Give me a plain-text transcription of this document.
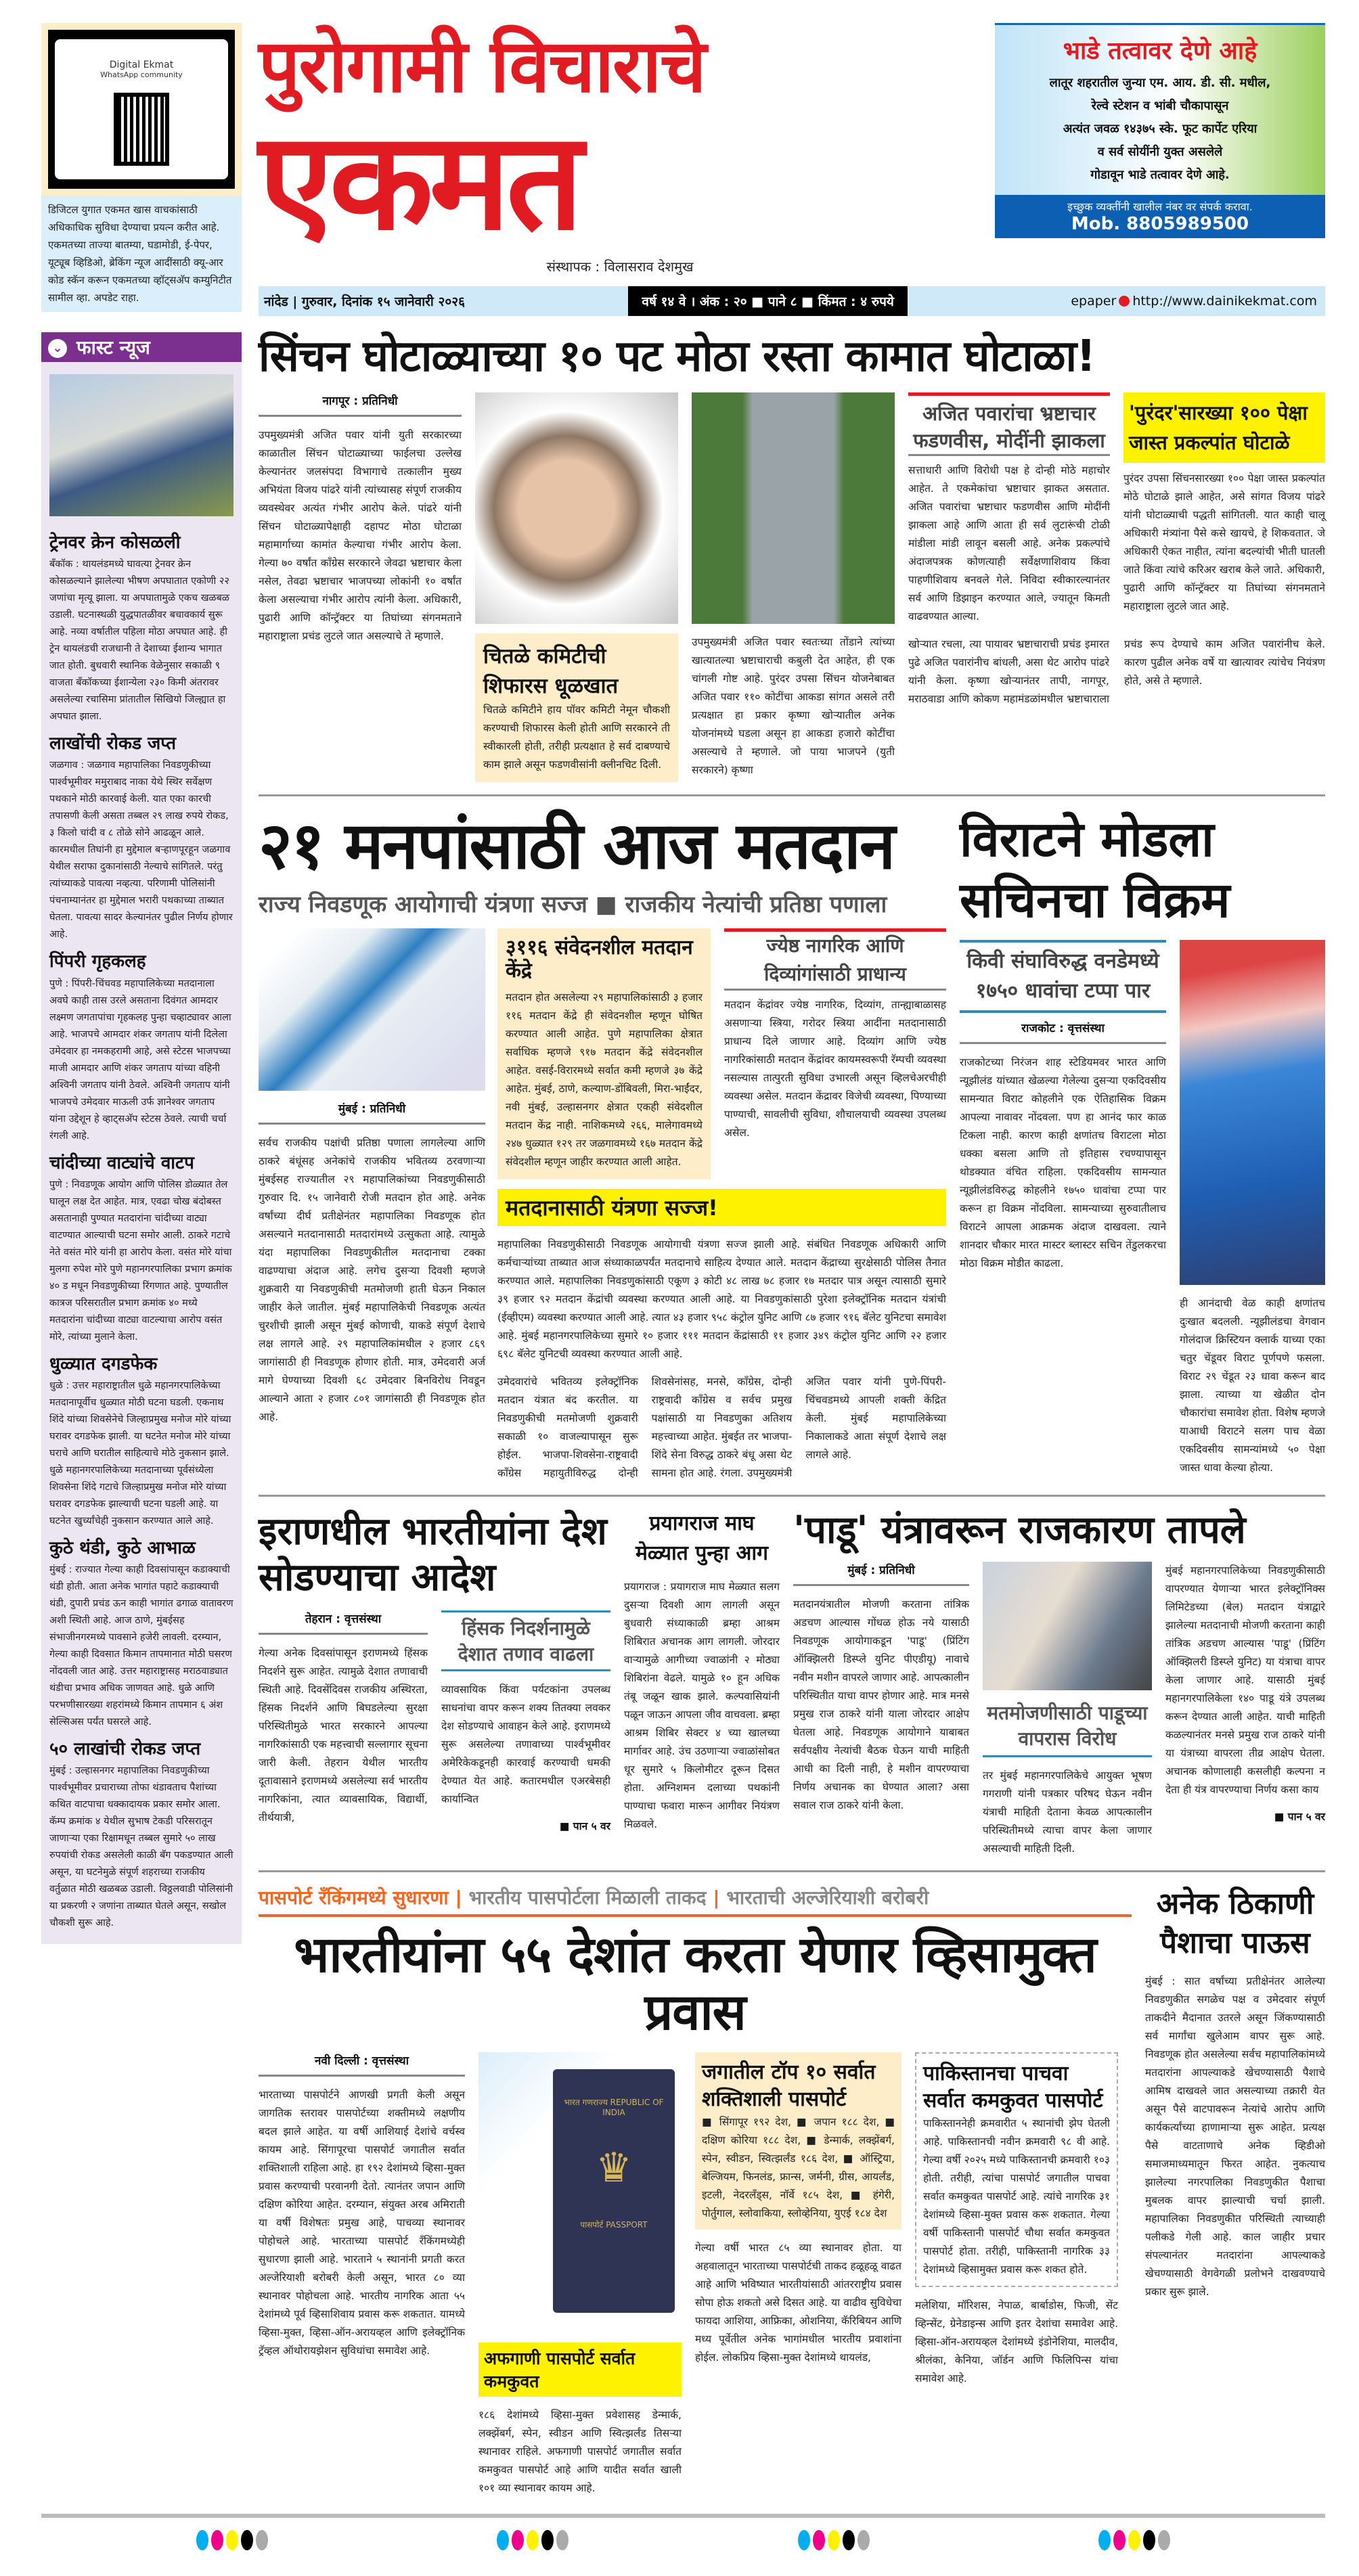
Digital Ekmat
WhatsApp community
डिजिटल युगात एकमत खास वाचकांसाठी अधिकाधिक सुविधा देण्याचा प्रयत्न करीत आहे. एकमतच्या ताज्या बातम्या, घडामोडी, ई-पेपर, यूट्यूब व्हिडिओ, ब्रेकिंग न्यूज आदींसाठी क्यू-आर कोड स्कॅन करून एकमतच्या व्हॉट्सअ‍ॅप कम्युनिटीत सामील व्हा. अपडेट राहा.
⌄ फास्ट न्यूज
ट्रेनवर क्रेन कोसळली
बँकॉक : थायलंडमध्ये घावत्या ट्रेनवर क्रेन कोसळल्याने झालेल्या भीषण अपघातात एकोणी २२ जणांचा मृत्यू झाला. या अपघातामुळे एकच खळबळ उडाली. घटनास्थळी युद्धपातळीवर बचावकार्य सुरू आहे. नव्या वर्षातील पहिला मोठा अपघात आहे. ही ट्रेन थायलंडची राजधानी ते देशाच्या ईशान्य भागात जात होती. बुधवारी स्थानिक वेळेनुसार सकाळी ९ वाजता बँकॉकच्या ईशान्येला २३० किमी अंतरावर असलेल्या रचासिमा प्रांतातील सिखियो जिल्ह्यात हा अपघात झाला.
लाखोंची रोकड जप्त
जळगाव : जळगाव महापालिका निवडणुकीच्या पार्श्वभूमीवर ममुराबाद नाका येथे स्थिर सर्वेक्षण पथकाने मोठी कारवाई केली. यात एका कारची तपासणी केली असता तब्बल २९ लाख रुपये रोकड, ३ किलो चांदी व ८ तोळे सोने आढळून आले. कारमधील तिघांनी हा मुद्देमाल बऱ्हाणपूरहून जळगाव येथील सराफा दुकानांसाठी नेल्याचे सांगितले. परंतु त्यांच्याकडे पावत्या नव्हत्या. परिणामी पोलिसांनी पंचनाम्यानंतर हा मुद्देमाल भरारी पथकाच्या ताब्यात घेतला. पावत्या सादर केल्यानंतर पुढील निर्णय होणार आहे.
पिंपरी गृहकलह
पुणे : पिंपरी-चिंचवड महापालिकेच्या मतदानाला अवघे काही तास उरले असताना दिवंगत आमदार लक्ष्मण जगतापांचा गृहकलह पुन्हा चव्हाट्यावर आला आहे. भाजपचे आमदार शंकर जगताप यांनी दिलेला उमेदवार हा नमकहरामी आहे, असे स्टेटस भाजपच्या माजी आमदार आणि शंकर जगताप यांच्या वहिनी अश्विनी जगताप यांनी ठेवले. अश्विनी जगताप यांनी भाजपचे उमेदवार माऊली उर्फ ज्ञानेश्वर जगताप यांना उद्देशून हे व्हाट्सअ‍ॅप स्टेटस ठेवले. त्याची चर्चा रंगली आहे.
चांदीच्या वाट्यांचे वाटप
पुणे : निवडणूक आयोग आणि पोलिस डोळ्यात तेल घालून लक्ष देत आहेत. मात्र, एवढा चोख बंदोबस्त असतानाही पुण्यात मतदारांना चांदीच्या वाट्या वाटण्यात आल्याची घटना समोर आली. ठाकरे गटाचे नेते वसंत मोरे यांनी हा आरोप केला. वसंत मोरे यांचा मुलगा रुपेश मोरे पुणे महानगरपालिका प्रभाग क्रमांक ४० ड मधून निवडणुकीच्या रिंगणात आहे. पुण्यातील कात्रज परिसरातील प्रभाग क्रमांक ४० मध्ये मतदारांना चांदीच्या वाट्या वाटल्याचा आरोप वसंत मोरे, त्यांच्या मुलाने केला.
धुळ्यात दगडफेक
धुळे : उत्तर महाराष्ट्रातील धुळे महानगरपालिकेच्या मतदानापूर्वीच धुळ्यात मोठी घटना घडली. एकनाथ शिंदे यांच्या शिवसेनेचे जिल्हाप्रमुख मनोज मोरे यांच्या घरावर दगडफेक झाली. या घटनेत मनोज मोरे यांच्या घराचे आणि घरातील साहित्याचे मोठे नुकसान झाले. धुळे महानगरपालिकेच्या मतदानाच्या पूर्वसंध्येला शिवसेना शिंदे गटाचे जिल्हाप्रमुख मनोज मोरे यांच्या घरावर दगडफेक झाल्याची घटना घडली आहे. या घटनेत खुर्च्यांचेही नुकसान करण्यात आले आहे.
कुठे थंडी, कुठे आभाळ
मुंबई : राज्यात गेल्या काही दिवसांपासून कडाक्याची थंडी होती. आता अनेक भागांत पहाटे कडाक्याची थंडी, दुपारी प्रचंड ऊन काही भागांत ढगाळ वातावरण अशी स्थिती आहे. आज ठाणे, मुंबईसह संभाजीनगरमध्ये पावसाने हजेरी लावली. दरम्यान, गेल्या काही दिवसात किमान तापमानात मोठी घसरण नोंदवली जात आहे. उत्तर महाराष्ट्रासह मराठवाड्यात थंडीचा प्रभाव अधिक जाणवत आहे. धुळे आणि परभणीसारख्या शहरांमध्ये किमान तापमान ६ अंश सेल्सिअस पर्यंत घसरले आहे.
५० लाखांची रोकड जप्त
मुंबई : उल्हासनगर महापालिका निवडणुकीच्या पार्श्वभूमीवर प्रचाराच्या तोफा थंडावताच पैशांच्या कथित वाटपाचा धक्कादायक प्रकार समोर आला. कॅम्प क्रमांक ४ येथील सुभाष टेकडी परिसरातून जाणाऱ्या एका रिक्षामधून तब्बल सुमारे ५० लाख रुपयांची रोकड असलेली काळी बॅग पकडण्यात आली असून, या घटनेमुळे संपूर्ण शहराच्या राजकीय वर्तुळात मोठी खळबळ उडाली. विठ्ठलवाडी पोलिसांनी या प्रकरणी २ जणांना ताब्यात घेतले असून, सखोल चौकशी सुरू आहे.
पुरोगामी विचाराचे
एकमत
संस्थापक : विलासराव देशमुख
भाडे तत्वावर देणे आहे
लातूर शहरातील जुन्या एम. आय. डी. सी. मधील,
रेल्वे स्टेशन व भांबी चौकापासून
अत्यंत जवळ १४३७५ स्के. फूट कार्पेट एरिया
व सर्व सोयींनी युक्त असलेले
गोडावून भाडे तत्वावर देणे आहे.
इच्छुक व्यक्तींनी खालील नंबर वर संपर्क करावा.
Mob. 8805989500
नांदेड | गुरुवार, दिनांक १५ जानेवारी २०२६	वर्ष १४ वे । अंक : २० ■ पाने ८ ■ किंमत : ४ रुपये	epaper http://www.dainikekmat.com
सिंचन घोटाळ्याच्या १० पट मोठा रस्ता कामात घोटाळा!
नागपूर : प्रतिनिधी
उपमुख्यमंत्री अजित पवार यांनी युती सरकारच्या काळातील सिंचन घोटाळ्याच्या फाईलचा उल्लेख केल्यानंतर जलसंपदा विभागाचे तत्कालीन मुख्य अभियंता विजय पांढरे यांनी त्यांच्यासह संपूर्ण राजकीय व्यवस्थेवर अत्यंत गंभीर आरोप केले. पांढरे यांनी सिंचन घोटाळ्यापेक्षाही दहापट मोठा घोटाळा महामार्गाच्या कामांत केल्याचा गंभीर आरोप केला. गेल्या ७० वर्षांत काँग्रेस सरकारने जेवढा भ्रष्टाचार केला नसेल, तेवढा भ्रष्टाचार भाजपच्या लोकांनी १० वर्षांत केला असल्याचा गंभीर आरोप त्यांनी केला. अधिकारी, पुढारी आणि कॉन्ट्रॅक्टर या तिघांच्या संगनमताने महाराष्ट्राला प्रचंड लुटले जात असल्याचे ते म्हणाले.
चितळे कमिटीची शिफारस धूळखात
चितळे कमिटीने हाय पॉवर कमिटी नेमून चौकशी करण्याची शिफारस केली होती आणि सरकारने ती स्वीकारली होती, तरीही प्रत्यक्षात हे सर्व दाबण्याचे काम झाले असून फडणवीसांनी क्लीनचिट दिली.
उपमुख्यमंत्री अजित पवार स्वतःच्या तोंडाने त्यांच्या खात्यातल्या भ्रष्टाचाराची कबुली देत आहेत, ही एक चांगली गोष्ट आहे. पुरंदर उपसा सिंचन योजनेबाबत अजित पवार ११० कोटींचा आकडा सांगत असले तरी प्रत्यक्षात हा प्रकार कृष्णा खोऱ्यातील अनेक योजनांमध्ये घडला असून हा आकडा हजारो कोटींचा असल्याचे ते म्हणाले. जो पाया भाजपने (युती सरकारने) कृष्णा
अजित पवारांचा भ्रष्टाचार फडणवीस, मोदींनी झाकला
सत्ताधारी आणि विरोधी पक्ष हे दोन्ही मोठे महाचोर आहेत. ते एकमेकांचा भ्रष्टाचार झाकत असतात. अजित पवारांचा भ्रष्टाचार फडणवीस आणि मोदींनी झाकला आहे आणि आता ही सर्व लुटारूंची टोळी मांडीला मांडी लावून बसली आहे. अनेक प्रकल्पांचे अंदाजपत्रक कोणत्याही सर्वेक्षणाशिवाय किंवा पाहणीशिवाय बनवले गेले. निविदा स्वीकारल्यानंतर सर्व आणि डिझाइन करण्यात आले, ज्यातून किमती वाढवण्यात आल्या.
'पुरंदर'सारख्या १०० पेक्षा जास्त प्रकल्पांत घोटाळे
पुरंदर उपसा सिंचनसारख्या १०० पेक्षा जास्त प्रकल्पांत मोठे घोटाळे झाले आहेत, असे सांगत विजय पांढरे यांनी घोटाळ्याची पद्धती सांगितली. यात काही चालू अधिकारी मंत्र्यांना पैसे कसे खायचे, हे शिकवतात. जे अधिकारी ऐकत नाहीत, त्यांना बदल्यांची भीती घातली जाते किंवा त्यांचे करिअर खराब केले जाते. अधिकारी, पुढारी आणि कॉन्ट्रॅक्टर या तिघांच्या संगनमताने महाराष्ट्राला लुटले जात आहे.
खोऱ्यात रचला, त्या पायावर भ्रष्टाचाराची प्रचंड इमारत पुढे अजित पवारांनीच बांधली, असा थेट आरोप पांढरे यांनी केला. कृष्णा खोऱ्यानंतर तापी, नागपूर, मराठवाडा आणि कोकण महामंडळांमधील भ्रष्टाचाराला प्रचंड रूप देण्याचे काम अजित पवारांनीच केले. कारण पुढील अनेक वर्षे या खात्यावर त्यांचेच नियंत्रण होते, असे ते म्हणाले.
२१ मनपांसाठी आज मतदान
राज्य निवडणूक आयोगाची यंत्रणा सज्ज ■ राजकीय नेत्यांची प्रतिष्ठा पणाला
मुंबई : प्रतिनिधी
सर्वच राजकीय पक्षांची प्रतिष्ठा पणाला लागलेल्या आणि ठाकरे बंधूंसह अनेकांचे राजकीय भवितव्य ठरवणाऱ्या मुंबईसह राज्यातील २९ महापालिकांच्या निवडणुकीसाठी गुरुवार दि. १५ जानेवारी रोजी मतदान होत आहे. अनेक वर्षांच्या दीर्घ प्रतीक्षेनंतर महापालिका निवडणूक होत असल्याने मतदानासाठी मतदारांमध्ये उत्सुकता आहे. त्यामुळे यंदा महापालिका निवडणुकीतील मतदानाचा टक्का वाढण्याचा अंदाज आहे. लगेच दुसऱ्या दिवशी म्हणजे शुक्रवारी या निवडणुकीची मतमोजणी हाती घेऊन निकाल जाहीर केले जातील. मुंबई महापालिकेची निवडणूक अत्यंत चुरशीची झाली असून मुंबई कोणाची, याकडे संपूर्ण देशाचे लक्ष लागले आहे. २९ महापालिकांमधील २ हजार ८६९ जागांसाठी ही निवडणूक होणार होती. मात्र, उमेदवारी अर्ज मागे घेण्याच्या दिवशी ६८ उमेदवार बिनविरोध निवडून आल्याने आता २ हजार ८०१ जागांसाठी ही निवडणूक होत आहे.
३११६ संवेदनशील मतदान केंद्रे
मतदान होत असलेल्या २९ महापालिकांसाठी ३ हजार ११६ मतदान केंद्रे ही संवेदनशील म्हणून घोषित करण्यात आली आहेत. पुणे महापालिका क्षेत्रात सर्वाधिक म्हणजे ९१७ मतदान केंद्रे संवेदनशील आहेत. वसई-विरारमध्ये सर्वात कमी म्हणजे ३७ केंद्रे आहेत. मुंबई, ठाणे, कल्याण-डोंबिवली, मिरा-भाईंदर, नवी मुंबई, उल्हासनगर क्षेत्रात एकही संवेदशील मतदान केंद्र नाही. नाशिकमध्ये २६६, मालेगावमध्ये २४७ धुळ्यात १२९ तर जळगावमध्ये १६७ मतदान केंद्रे संवेदशील म्हणून जाहीर करण्यात आली आहेत.
ज्येष्ठ नागरिक आणि दिव्यांगांसाठी प्राधान्य
मतदान केंद्रांवर ज्येष्ठ नागरिक, दिव्यांग, तान्ह्याबाळासह असणाऱ्या स्त्रिया, गरोदर स्त्रिया आदींना मतदानासाठी प्राधान्य दिले जाणार आहे. दिव्यांग आणि ज्येष्ठ नागरिकांसाठी मतदान केंद्रांवर कायमस्वरूपी रॅम्पची व्यवस्था नसल्यास तात्पुरती सुविधा उभारली असून व्हिलचेअरचीही व्यवस्था असेल. मतदान केंद्रावर विजेची व्यवस्था, पिण्याच्या पाण्याची, सावलीची सुविधा, शौचालयाची व्यवस्था उपलब्ध असेल.
मतदानासाठी यंत्रणा सज्ज!
महापालिका निवडणुकीसाठी निवडणूक आयोगाची यंत्रणा सज्ज झाली आहे. संबंधित निवडणूक अधिकारी आणि कर्मचाऱ्यांच्या ताब्यात आज संध्याकाळपर्यंत मतदानाचे साहित्य देण्यात आले. मतदान केंद्राच्या सुरक्षेसाठी पोलिस तैनात करण्यात आले. महापालिका निवडणुकांसाठी एकूण ३ कोटी ४८ लाख ७८ हजार १७ मतदार पात्र असून त्यासाठी सुमारे ३९ हजार ९२ मतदान केंद्रांची व्यवस्था करण्यात आली आहे. या निवडणुकांसाठी पुरेशा इलेक्ट्रॉनिक मतदान यंत्रांची (ईव्हीएम) व्यवस्था करण्यात आली आहे. त्यात ४३ हजार ९५८ कंट्रोल युनिट आणि ८७ हजार ९१६ बॅलेट युनिटचा समावेश आहे. मुंबई महानगरपालिकेच्या सुमारे १० हजार १११ मतदान केंद्रांसाठी ११ हजार ३४९ कंट्रोल युनिट आणि २२ हजार ६९८ बॅलेट युनिटची व्यवस्था करण्यात आली आहे.
उमेदवारांचे भवितव्य इलेक्ट्रॉनिक मतदान यंत्रात बंद करतील. या निवडणुकीची मतमोजणी शुक्रवारी सकाळी १० वाजल्यापासून सुरू होईल. भाजपा-शिवसेना-राष्ट्रवादी काँग्रेस महायुतीविरुद्ध दोन्ही शिवसेनांसह, मनसे, काँग्रेस, दोन्ही राष्ट्रवादी काँग्रेस व सर्वच प्रमुख पक्षांसाठी या निवडणुका अतिशय महत्त्वाच्या आहेत. मुंबईत तर भाजपा-शिंदे सेना विरुद्ध ठाकरे बंधू असा थेट सामना होत आहे. रंगला. उपमुख्यमंत्री अजित पवार यांनी पुणे-पिंपरी-चिंचवडमध्ये आपली शक्ती केंद्रित केली. मुंबई महापालिकेच्या निकालाकडे आता संपूर्ण देशाचे लक्ष लागले आहे.
विराटने मोडला
सचिनचा विक्रम
किवी संघाविरुद्ध वनडेमध्ये १७५० धावांचा टप्पा पार
राजकोट : वृत्तसंस्था
राजकोटच्या निरंजन शाह स्टेडियमवर भारत आणि न्यूझीलंड यांच्यात खेळल्या गेलेल्या दुसऱ्या एकदिवसीय सामन्यात विराट कोहलीने एक ऐतिहासिक विक्रम आपल्या नावावर नोंदवला. पण हा आनंद फार काळ टिकला नाही. कारण काही क्षणांतच विराटला मोठा धक्का बसला आणि तो इतिहास रचण्यापासून थोडक्यात वंचित राहिला. एकदिवसीय सामन्यात न्यूझीलंडविरुद्ध कोहलीने १७५० धावांचा टप्पा पार करून हा विक्रम नोंदविला. सामन्याच्या सुरुवातीलाच विराटने आपला आक्रमक अंदाज दाखवला. त्याने शानदार चौकार मारत मास्टर ब्लास्टर सचिन तेंडुलकरचा मोठा विक्रम मोडीत काढला.
ही आनंदाची वेळ काही क्षणांतच दुःखात बदलली. न्यूझीलंडचा वेगवान गोलंदाज क्रिस्टियन क्लार्क याच्या एका चतुर चेंडूवर विराट पूर्णपणे फसला. विराट २९ चेंडूत २३ धावा करून बाद झाला. त्याच्या या खेळीत दोन चौकारांचा समावेश होता. विशेष म्हणजे याआधी विराटने सलग पाच वेळा एकदिवसीय सामन्यांमध्ये ५० पेक्षा जास्त धावा केल्या होत्या.
इराणधील भारतीयांना देश सोडण्याचा आदेश
तेहरान : वृत्तसंस्था
गेल्या अनेक दिवसांपासून इराणमध्ये हिंसक निदर्शने सुरू आहेत. त्यामुळे देशात तणावाची स्थिती आहे. दिवसेंदिवस राजकीय अस्थिरता, हिंसक निदर्शने आणि बिघडलेल्या सुरक्षा परिस्थितीमुळे भारत सरकारने आपल्या नागरिकांसाठी एक महत्त्वाची सल्लागार सूचना जारी केली. तेहरान येथील भारतीय दूतावासाने इराणमध्ये असलेल्या सर्व भारतीय नागरिकांना, त्यात व्यावसायिक, विद्यार्थी, तीर्थयात्री,
हिंसक निदर्शनामुळे देशात तणाव वाढला
व्यावसायिक किंवा पर्यटकांना उपलब्ध साधनांचा वापर करून शक्य तितक्या लवकर देश सोडण्याचे आवाहन केले आहे. इराणमध्ये सुरू असलेल्या तणावाच्या पार्श्वभूमीवर अमेरिकेकडूनही कारवाई करण्याची धमकी देण्यात येत आहे. कतारमधील एअरबेसही कार्यान्वित
■ पान ५ वर
प्रयागराज माघ मेळ्यात पुन्हा आग
प्रयागराज : प्रयागराज माघ मेळ्यात सलग दुसऱ्या दिवशी आग लागली असून बुधवारी संध्याकाळी ब्रम्हा आश्रम शिबिरात अचानक आग लागली. जोरदार वाऱ्यामुळे आगीच्या ज्वाळांनी २ मोठ्या शिबिरांना वेढले. यामुळे १० हून अधिक तंबू जळून खाक झाले. कल्पवासियांनी पळून जाऊन आपला जीव वाचवला. ब्रम्हा आश्रम शिबिर सेक्टर ४ च्या खालच्या मार्गावर आहे. उंच उठणाऱ्या ज्वाळांसोबत धूर सुमारे ५ किलोमीटर दूरून दिसत होता. अग्निशमन दलाच्या पथकांनी पाण्याचा फवारा मारून आगीवर नियंत्रण मिळवले.
'पाडू' यंत्रावरून राजकारण तापले
मुंबई : प्रतिनिधी
मतदानयंत्रातील मोजणी करताना तांत्रिक अडचण आल्यास गोंधळ होऊ नये यासाठी निवडणूक आयोगाकडून 'पाडू' (प्रिंटिंग ऑक्झिलरी डिस्प्ले युनिट पीएडीयू) नावाचे नवीन मशीन वापरले जाणार आहे. आपत्कालीन परिस्थितीत याचा वापर होणार आहे. मात्र मनसे प्रमुख राज ठाकरे यांनी याला जोरदार आक्षेप घेतला आहे. निवडणूक आयोगाने याबाबत सर्वपक्षीय नेत्यांची बैठक घेऊन याची माहिती आधी का दिली नाही, हे मशीन वापरण्याचा निर्णय अचानक का घेण्यात आला? असा सवाल राज ठाकरे यांनी केला.
मतमोजणीसाठी पाडूच्या वापरास विरोध
तर मुंबई महानगरपालिकेचे आयुक्त भूषण गगराणी यांनी पत्रकार परिषद घेऊन नवीन यंत्राची माहिती देताना केवळ आपत्कालीन परिस्थितीमध्ये त्याचा वापर केला जाणार असल्याची माहिती दिली.
मुंबई महानगरपालिकेच्या निवडणुकीसाठी वापरण्यात येणाऱ्या भारत इलेक्ट्रॉनिक्स लिमिटेडच्या (बेल) मतदान यंत्राद्वारे झालेल्या मतदानाची मोजणी करताना काही तांत्रिक अडचण आल्यास 'पाडू' (प्रिंटिंग ऑक्झिलरी डिस्प्ले युनिट) या यंत्राचा वापर केला जाणार आहे. यासाठी मुंबई महानगरपालिकेला १४० पाडू यंत्रे उपलब्ध करून देण्यात आली आहेत. याची माहिती कळल्यानंतर मनसे प्रमुख राज ठाकरे यांनी या यंत्राच्या वापरला तीव्र आक्षेप घेतला. अचानक कोणालाही कसलीही कल्पना न देता ही यंत्र वापरण्याचा निर्णय कसा काय
■ पान ५ वर
पासपोर्ट रँकिंगमध्ये सुधारणा | भारतीय पासपोर्टला मिळाली ताकद | भारताची अल्जेरियाशी बरोबरी
भारतीयांना ५५ देशांत करता येणार व्हिसामुक्त प्रवास
नवी दिल्ली : वृत्तसंस्था
भारताच्या पासपोर्टने आणखी प्रगती केली असून जागतिक स्तरावर पासपोर्टच्या शक्तीमध्ये लक्षणीय बदल झाले आहेत. या वर्षी आशियाई देशांचे वर्चस्व कायम आहे. सिंगापूरचा पासपोर्ट जगातील सर्वात शक्तिशाली राहिला आहे. हा १९२ देशांमध्ये व्हिसा-मुक्त प्रवास करण्याची परवानगी देतो. त्यानंतर जपान आणि दक्षिण कोरिया आहेत. दरम्यान, संयुक्त अरब अमिराती या वर्षी विशेषतः प्रमुख आहे, पाचव्या स्थानावर पोहोचले आहे. भारताच्या पासपोर्ट रँकिंगमध्येही सुधारणा झाली आहे. भारताने ५ स्थानांनी प्रगती करत अल्जेरियाशी बरोबरी केली असून, भारत ८० व्या स्थानावर पोहोचला आहे. भारतीय नागरिक आता ५५ देशांमध्ये पूर्व व्हिसाशिवाय प्रवास करू शकतात. यामध्ये व्हिसा-मुक्त, व्हिसा-ऑन-अरायव्हल आणि इलेक्ट्रॉनिक ट्रॅव्हल ऑथोरायझेशन सुविधांचा समावेश आहे.
भारत गणराज्य REPUBLIC OF INDIA
♛
पासपोर्ट PASSPORT
अफगाणी पासपोर्ट सर्वात कमकुवत
१८६ देशांमध्ये व्हिसा-मुक्त प्रवेशासह डेन्मार्क, लक्झेंबर्ग, स्पेन, स्वीडन आणि स्वित्झर्लंड तिसऱ्या स्थानावर राहिले. अफगाणी पासपोर्ट जगातील सर्वात कमकुवत पासपोर्ट आहे आणि यादीत सर्वात खाली १०१ व्या स्थानावर कायम आहे.
जगातील टॉप १० सर्वात शक्तिशाली पासपोर्ट
■ सिंगापूर १९२ देश, ■ जपान १८८ देश, ■ दक्षिण कोरिया १८८ देश, ■ डेन्मार्क, लक्झेंबर्ग, स्पेन, स्वीडन, स्वित्झर्लंड १८६ देश, ■ ऑस्ट्रिया, बेल्जियम, फिनलंड, फ्रान्स, जर्मनी, ग्रीस, आयर्लंड, इटली, नेदरलँड्स, नॉर्वे १८५ देश, ■ हंगेरी, पोर्तुगाल, स्लोवाकिया, स्लोव्हेनिया, युएई १८४ देश
गेल्या वर्षी भारत ८५ व्या स्थानावर होता. या अहवालातून भारताच्या पासपोर्टची ताकद हळूहळू वाढत आहे आणि भविष्यात भारतीयांसाठी आंतरराष्ट्रीय प्रवास सोपा होऊ शकतो असे दिसत आहे. या वाढीव सुविधेचा फायदा आशिया, आफ्रिका, ओशनिया, कॅरिबियन आणि मध्य पूर्वेतील अनेक भागांमधील भारतीय प्रवाशांना होईल. लोकप्रिय व्हिसा-मुक्त देशांमध्ये थायलंड,
पाकिस्तानचा पाचवा सर्वात कमकुवत पासपोर्ट
पाकिस्ताननेही क्रमवारीत ५ स्थानांची झेप घेतली आहे. पाकिस्तानची नवीन क्रमवारी ९८ वी आहे. गेल्या वर्षी २०२५ मध्ये पाकिस्तानची क्रमवारी १०३ होती. तरीही, त्यांचा पासपोर्ट जगातील पाचवा सर्वात कमकुवत पासपोर्ट आहे. त्यांचे नागरिक ३१ देशांमध्ये व्हिसा-मुक्त प्रवास करू शकतात. गेल्या वर्षी पाकिस्तानी पासपोर्ट चौथा सर्वात कमकुवत पासपोर्ट होता. तरीही, पाकिस्तानी नागरिक ३३ देशांमध्ये व्हिसामुक्त प्रवास करू शकत होते.
मलेशिया, मॉरिशस, नेपाळ, बार्बाडोस, फिजी, सेंट व्हिन्सेंट, ग्रेनेडाइन्स आणि इतर देशांचा समावेश आहे. व्हिसा-ऑन-अरायव्हल देशांमध्ये इंडोनेशिया, मालदीव, श्रीलंका, केनिया, जॉर्डन आणि फिलिपिन्स यांचा समावेश आहे.
अनेक ठिकाणी पैशाचा पाऊस
मुंबई : सात वर्षांच्या प्रतीक्षेनंतर आलेल्या निवडणुकीत सगळेच पक्ष व उमेदवार संपूर्ण ताकदीने मैदानात उतरले असून जिंकण्यासाठी सर्व मार्गांचा खुलेआम वापर सुरू आहे. निवडणूक होत असलेल्या सर्वच महापालिकांमध्ये मतदारांना आपल्याकडे खेचण्यासाठी पैशाचे आमिष दाखवले जात असल्याच्या तक्रारी येत असून पैसे वाटपावरून नेत्यांचे आरोप आणि कार्यकर्त्यांच्या हाणामाऱ्या सुरू आहेत. प्रत्यक्ष पैसे वाटताणाचे अनेक व्हिडीओ समाजमाध्यमातून फिरत आहेत. नुकत्याच झालेल्या नगरपालिका निवडणुकीत पैशाचा मुबलक वापर झाल्याची चर्चा झाली. महापालिका निवडणुकीत परिस्थिती त्याच्याही पलीकडे गेली आहे. काल जाहीर प्रचार संपल्यानंतर मतदारांना आपल्याकडे खेचण्यासाठी वेगवेगळी प्रलोभने दाखवण्याचे प्रकार सुरू झाले.
